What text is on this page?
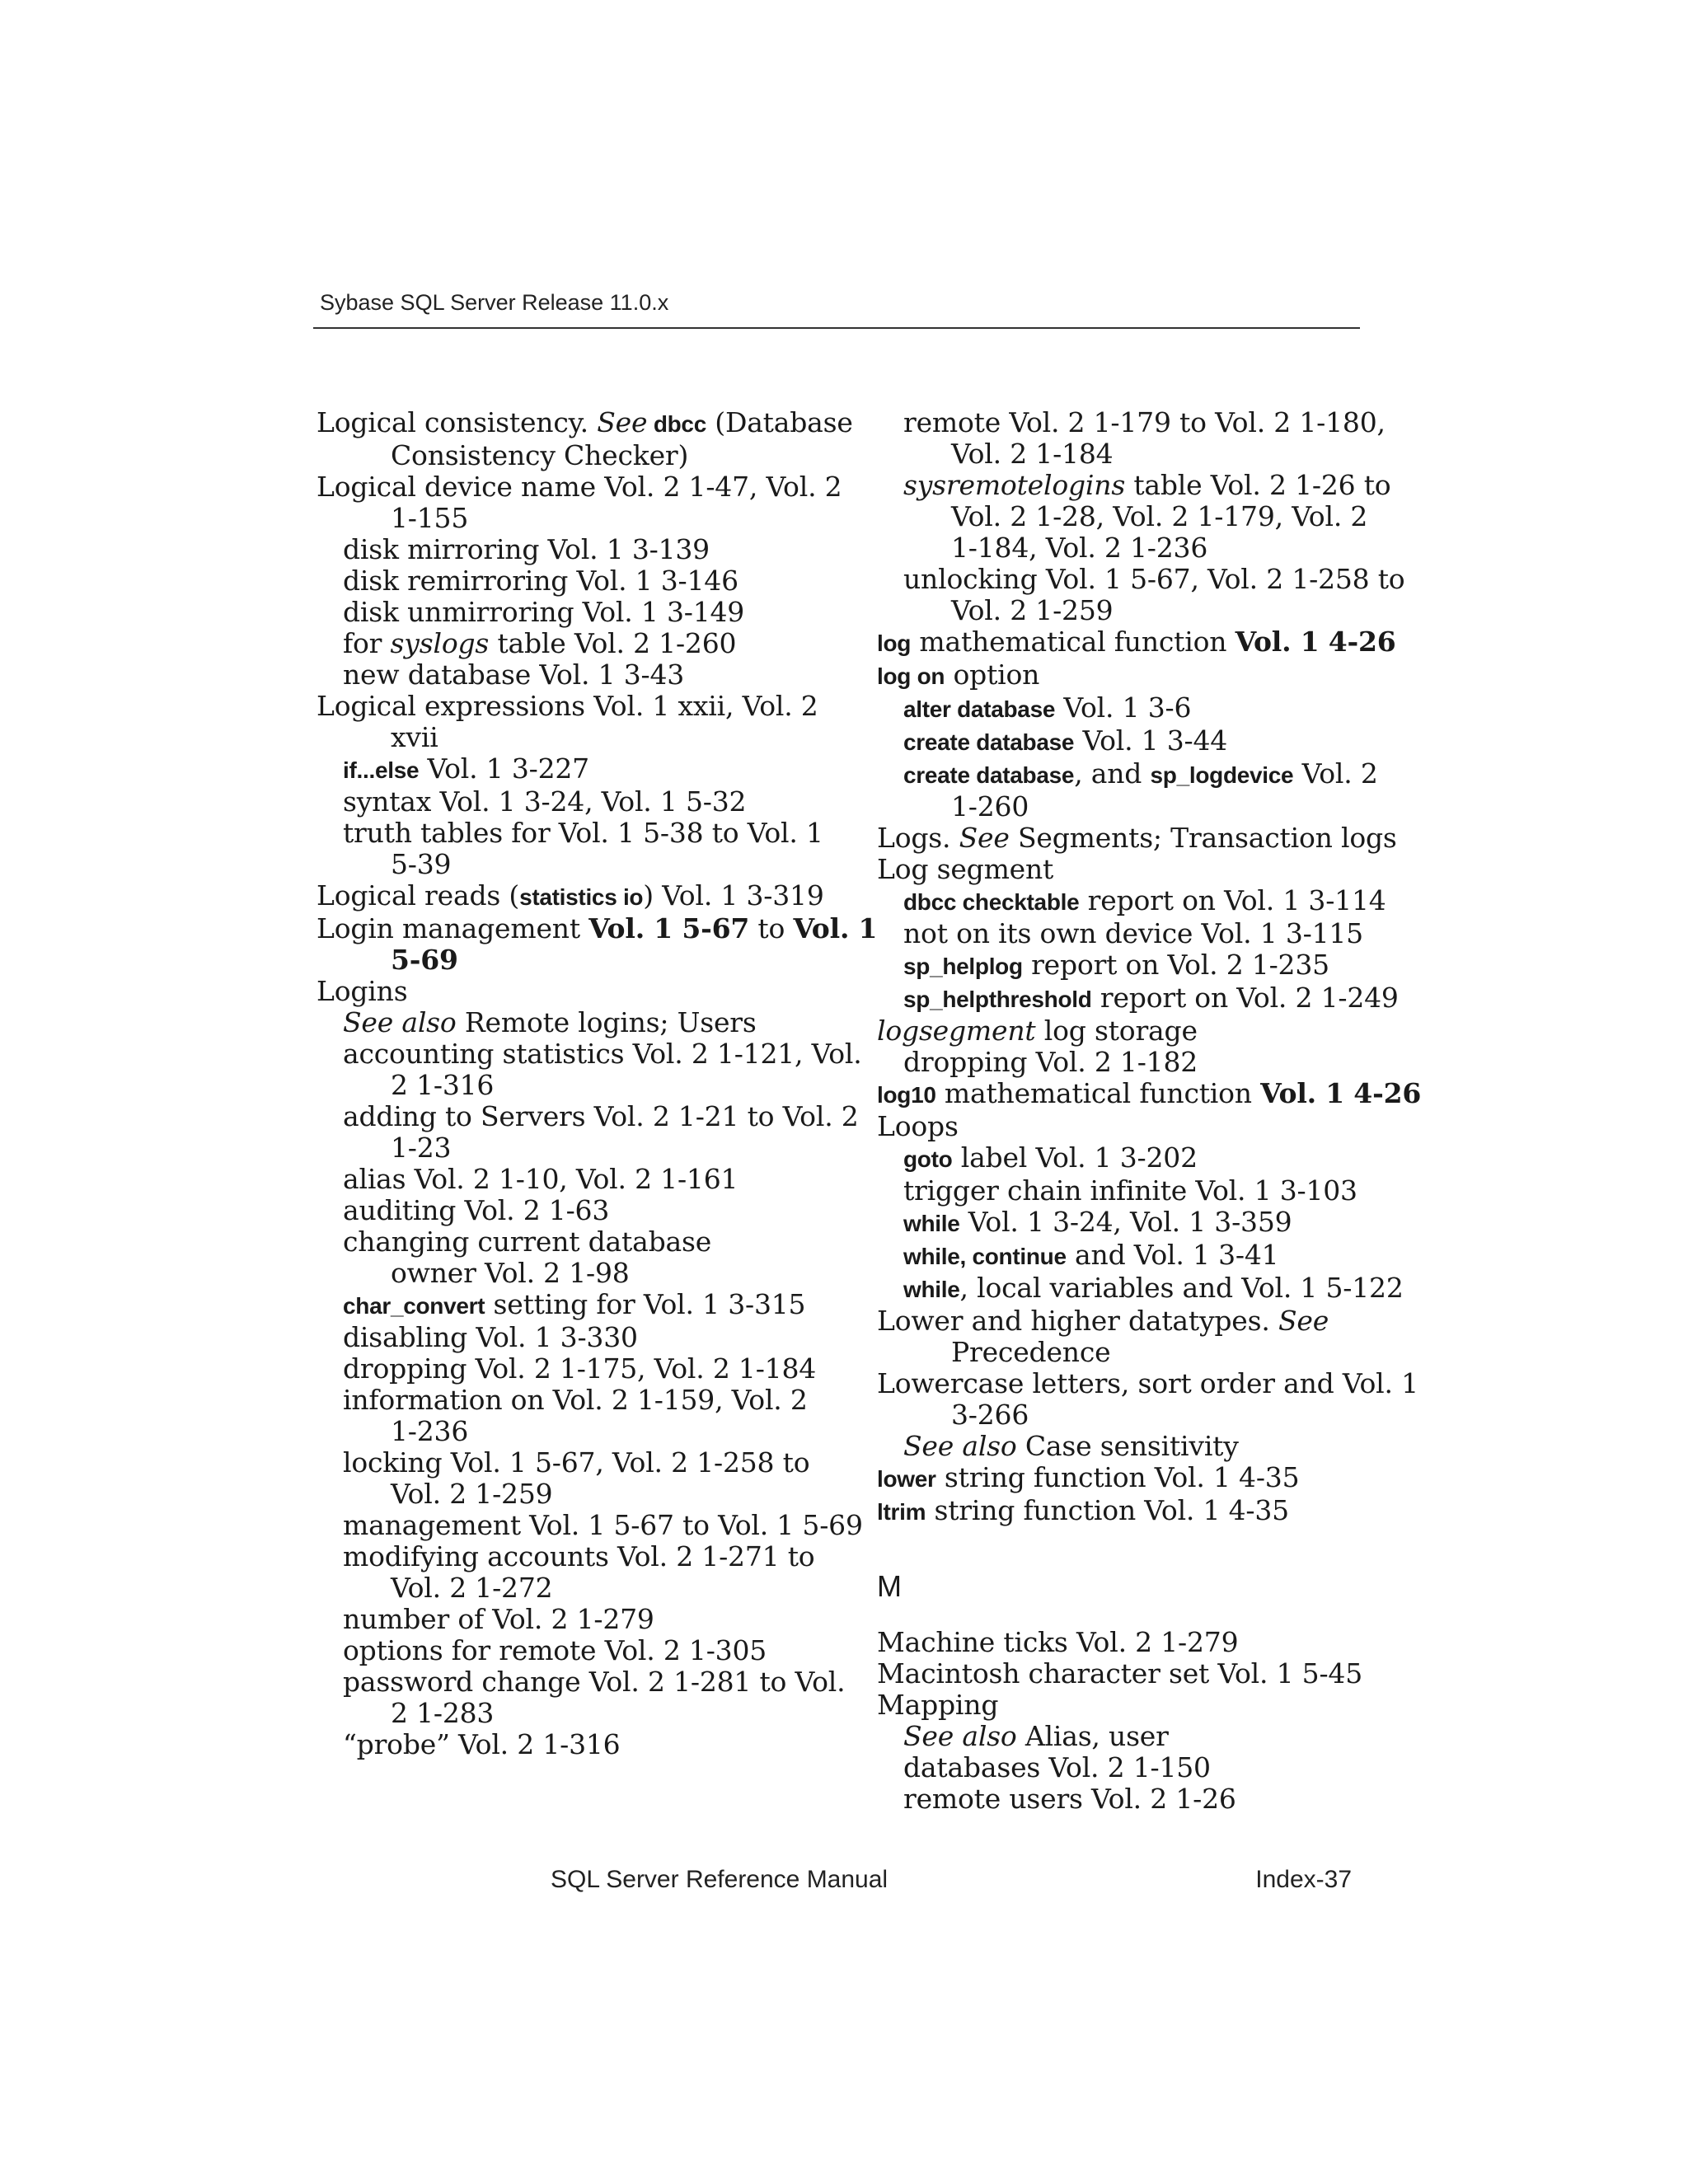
Sybase SQL Server Release 11.0.x
Logical consistency. See dbcc (Database
Consistency Checker)
Logical device name Vol. 2 1-47, Vol. 2
1-155
disk mirroring Vol. 1 3-139
disk remirroring Vol. 1 3-146
disk unmirroring Vol. 1 3-149
for syslogs table Vol. 2 1-260
new database Vol. 1 3-43
Logical expressions Vol. 1 xxii, Vol. 2
xvii
if...else Vol. 1 3-227
syntax Vol. 1 3-24, Vol. 1 5-32
truth tables for Vol. 1 5-38 to Vol. 1
5-39
Logical reads (statistics io) Vol. 1 3-319
Login management Vol. 1 5-67 to Vol. 1
5-69
Logins
See also Remote logins; Users
accounting statistics Vol. 2 1-121, Vol.
2 1-316
adding to Servers Vol. 2 1-21 to Vol. 2
1-23
alias Vol. 2 1-10, Vol. 2 1-161
auditing Vol. 2 1-63
changing current database
owner Vol. 2 1-98
char_convert setting for Vol. 1 3-315
disabling Vol. 1 3-330
dropping Vol. 2 1-175, Vol. 2 1-184
information on Vol. 2 1-159, Vol. 2
1-236
locking Vol. 1 5-67, Vol. 2 1-258 to
Vol. 2 1-259
management Vol. 1 5-67 to Vol. 1 5-69
modifying accounts Vol. 2 1-271 to
Vol. 2 1-272
number of Vol. 2 1-279
options for remote Vol. 2 1-305
password change Vol. 2 1-281 to Vol.
2 1-283
“probe” Vol. 2 1-316
remote Vol. 2 1-179 to Vol. 2 1-180,
Vol. 2 1-184
sysremotelogins table Vol. 2 1-26 to
Vol. 2 1-28, Vol. 2 1-179, Vol. 2
1-184, Vol. 2 1-236
unlocking Vol. 1 5-67, Vol. 2 1-258 to
Vol. 2 1-259
log mathematical function Vol. 1 4-26
log on option
alter database Vol. 1 3-6
create database Vol. 1 3-44
create database, and sp_logdevice Vol. 2
1-260
Logs. See Segments; Transaction logs
Log segment
dbcc checktable report on Vol. 1 3-114
not on its own device Vol. 1 3-115
sp_helplog report on Vol. 2 1-235
sp_helpthreshold report on Vol. 2 1-249
logsegment log storage
dropping Vol. 2 1-182
log10 mathematical function Vol. 1 4-26
Loops
goto label Vol. 1 3-202
trigger chain infinite Vol. 1 3-103
while Vol. 1 3-24, Vol. 1 3-359
while, continue and Vol. 1 3-41
while, local variables and Vol. 1 5-122
Lower and higher datatypes. See
Precedence
Lowercase letters, sort order and Vol. 1
3-266
See also Case sensitivity
lower string function Vol. 1 4-35
ltrim string function Vol. 1 4-35
M
Machine ticks Vol. 2 1-279
Macintosh character set Vol. 1 5-45
Mapping
See also Alias, user
databases Vol. 2 1-150
remote users Vol. 2 1-26
SQL Server Reference Manual	Index-37
